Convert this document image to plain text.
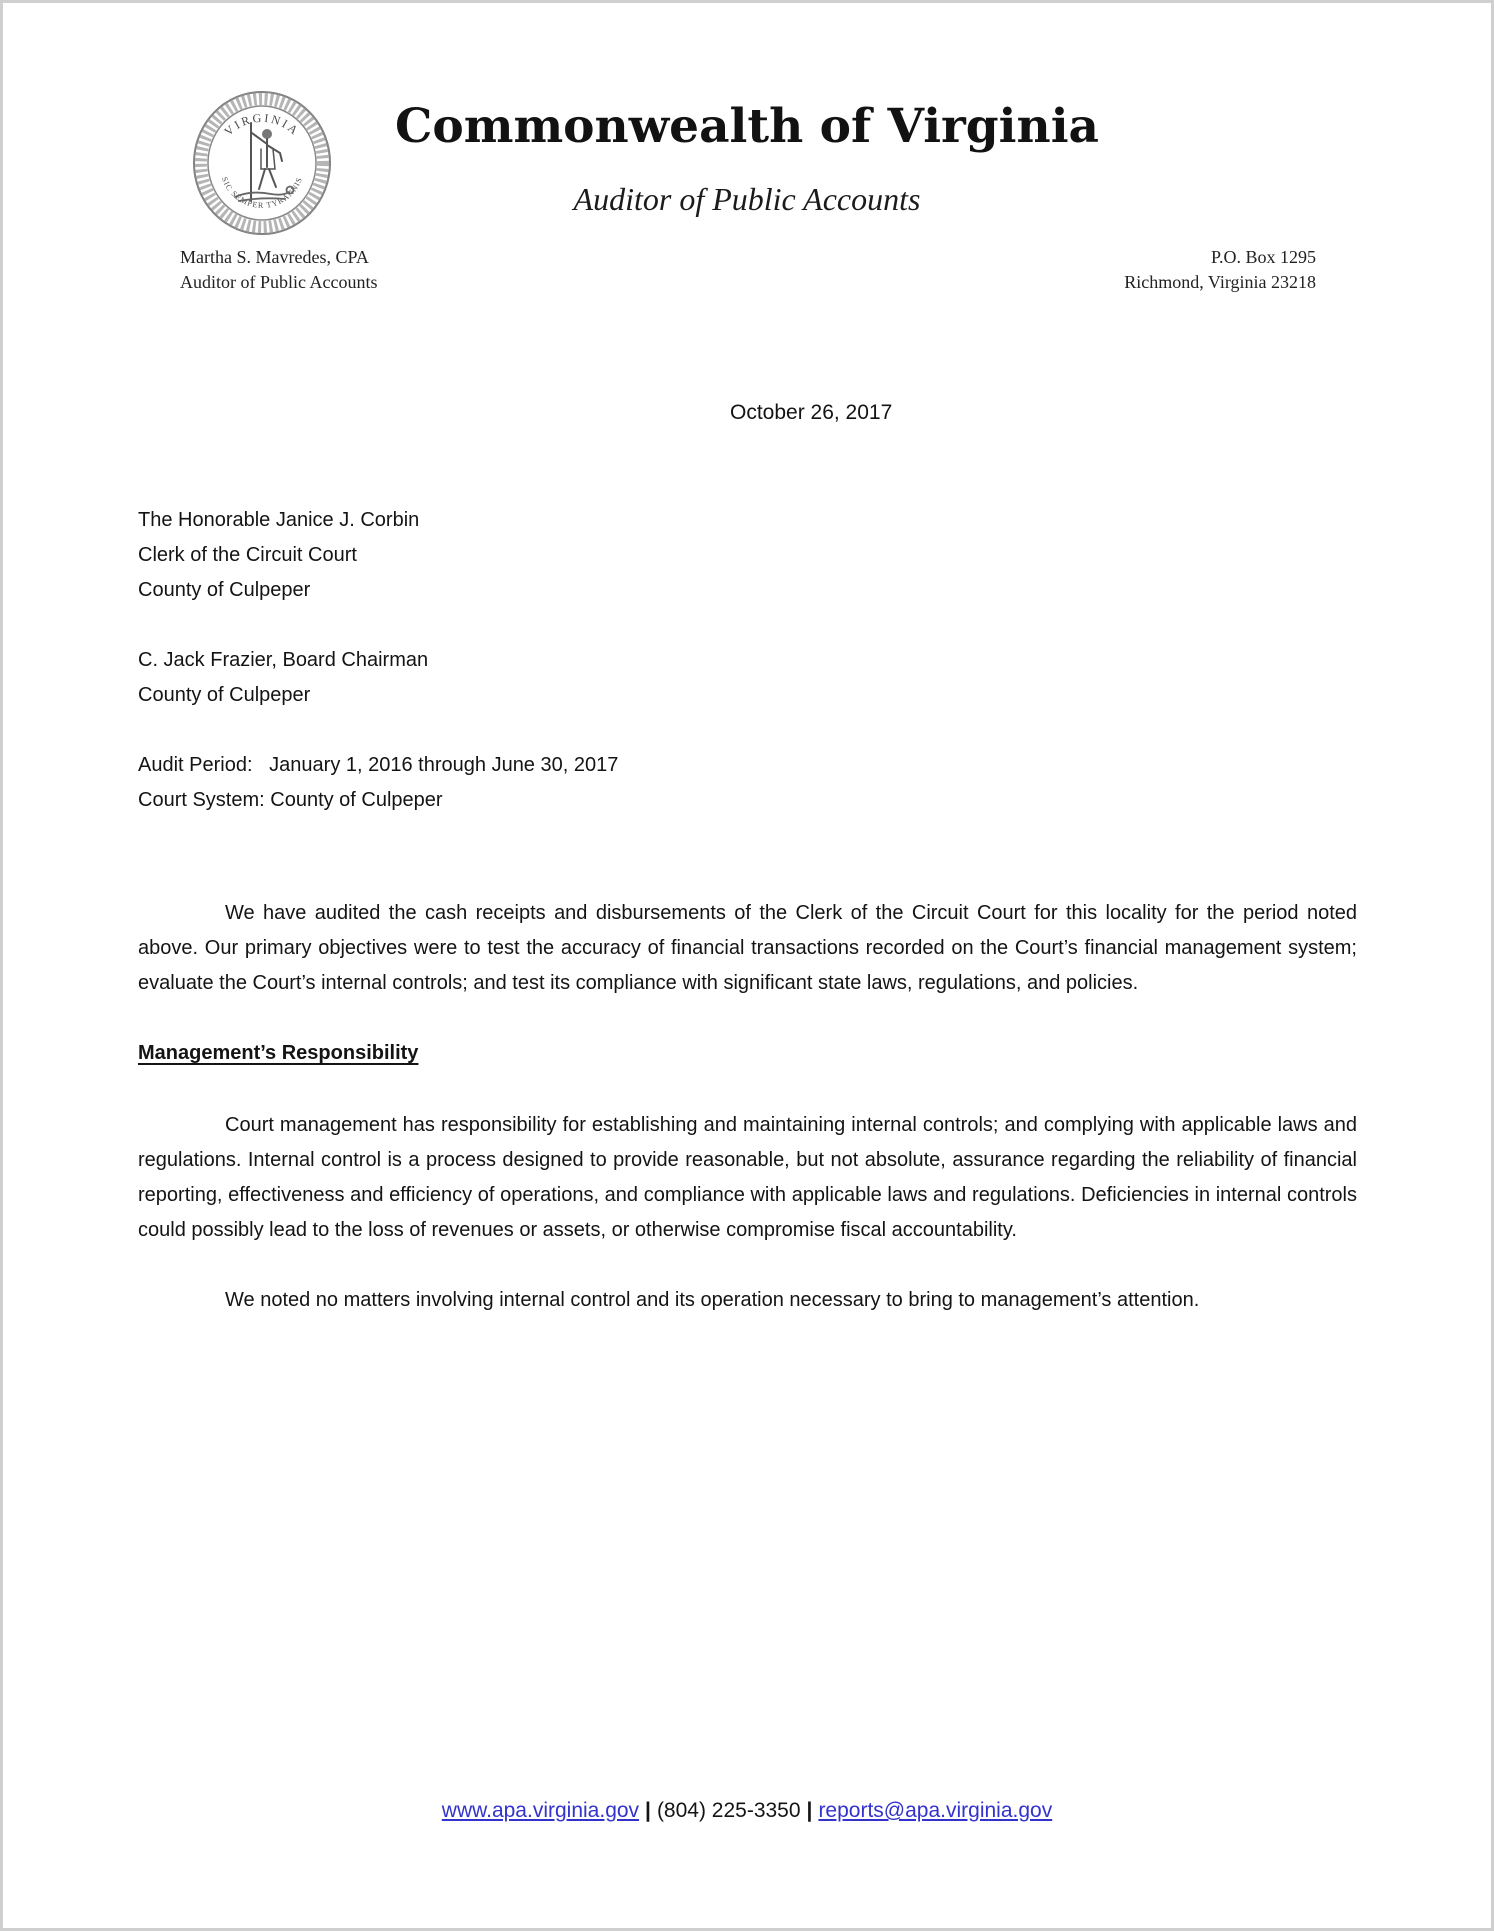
VIRGINIA
SIC SEMPER TYRANNIS
Commonwealth of Virginia
Auditor of Public Accounts
Martha S. Mavredes, CPA
Auditor of Public Accounts
P.O. Box 1295
Richmond, Virginia 23218
October 26, 2017
The Honorable Janice J. Corbin
Clerk of the Circuit Court
County of Culpeper
C. Jack Frazier, Board Chairman
County of Culpeper
Audit Period:   January 1, 2016 through June 30, 2017
Court System: County of Culpeper

We have audited the cash receipts and disbursements of the Clerk of the Circuit Court for this locality for the period noted above. Our primary objectives were to test the accuracy of financial transactions recorded on the Court’s financial management system; evaluate the Court’s internal controls; and test its compliance with significant state laws, regulations, and policies.

Management’s Responsibility

Court management has responsibility for establishing and maintaining internal controls; and complying with applicable laws and regulations. Internal control is a process designed to provide reasonable, but not absolute, assurance regarding the reliability of financial reporting, effectiveness and efficiency of operations, and compliance with applicable laws and regulations. Deficiencies in internal controls could possibly lead to the loss of revenues or assets, or otherwise compromise fiscal accountability.

We noted no matters involving internal control and its operation necessary to bring to management’s attention.

www.apa.virginia.gov | (804) 225-3350 | reports@apa.virginia.gov
